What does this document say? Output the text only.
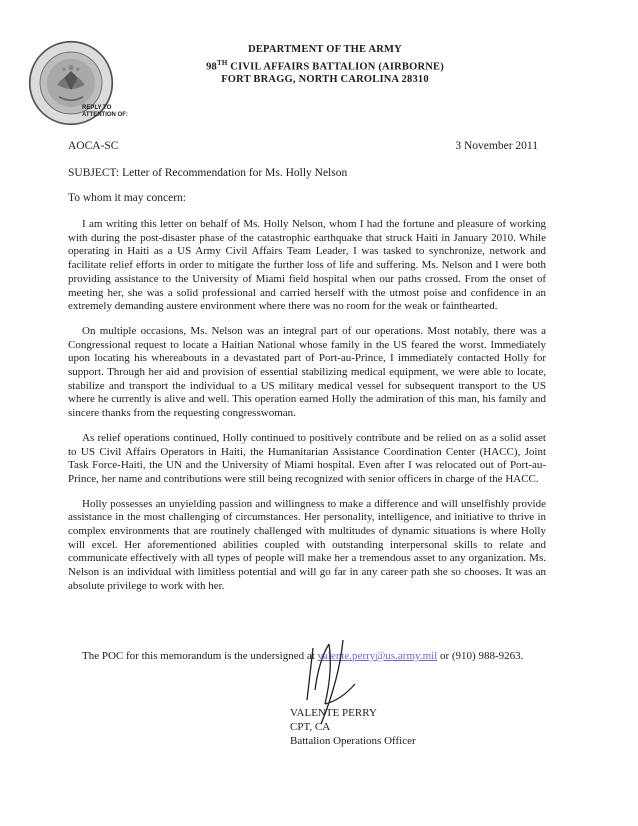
DEPARTMENT OF THE ARMY
98TH CIVIL AFFAIRS BATTALION (AIRBORNE)
FORT BRAGG, NORTH CAROLINA 28310
REPLY TO
ATTENTION OF:
AOCA-SC	3 November 2011
SUBJECT: Letter of Recommendation for Ms. Holly Nelson
To whom it may concern:

I am writing this letter on behalf of Ms. Holly Nelson, whom I had the fortune and pleasure of working with during the post-disaster phase of the catastrophic earthquake that struck Haiti in January 2010. While operating in Haiti as a US Army Civil Affairs Team Leader, I was tasked to synchronize, network and facilitate relief efforts in order to mitigate the further loss of life and suffering. Ms. Nelson and I were both providing assistance to the University of Miami field hospital when our paths crossed. From the onset of meeting her, she was a solid professional and carried herself with the utmost poise and confidence in an extremely demanding austere environment where there was no room for the weak or fainthearted.

On multiple occasions, Ms. Nelson was an integral part of our operations. Most notably, there was a Congressional request to locate a Haitian National whose family in the US feared the worst. Immediately upon locating his whereabouts in a devastated part of Port-au-Prince, I immediately contacted Holly for support. Through her aid and provision of essential stabilizing medical equipment, we were able to locate, stabilize and transport the individual to a US military medical vessel for subsequent transport to the US where he currently is alive and well. This operation earned Holly the admiration of this man, his family and sincere thanks from the requesting congresswoman.

As relief operations continued, Holly continued to positively contribute and be relied on as a solid asset to US Civil Affairs Operators in Haiti, the Humanitarian Assistance Coordination Center (HACC), Joint Task Force-Haiti, the UN and the University of Miami hospital. Even after I was relocated out of Port-au-Prince, her name and contributions were still being recognized with senior officers in charge of the HACC.

Holly possesses an unyielding passion and willingness to make a difference and will unselfishly provide assistance in the most challenging of circumstances. Her personality, intelligence, and initiative to thrive in complex environments that are routinely challenged with multitudes of dynamic situations is where Holly will excel. Her aforementioned abilities coupled with outstanding interpersonal skills to relate and communicate effectively with all types of people will make her a tremendous asset to any organization. Ms. Nelson is an individual with limitless potential and will go far in any career path she so chooses. It was an absolute privilege to work with her.

The POC for this memorandum is the undersigned at valente.perry@us.army.mil or (910) 988-9263.
VALENTE PERRY
CPT, CA
Battalion Operations Officer
